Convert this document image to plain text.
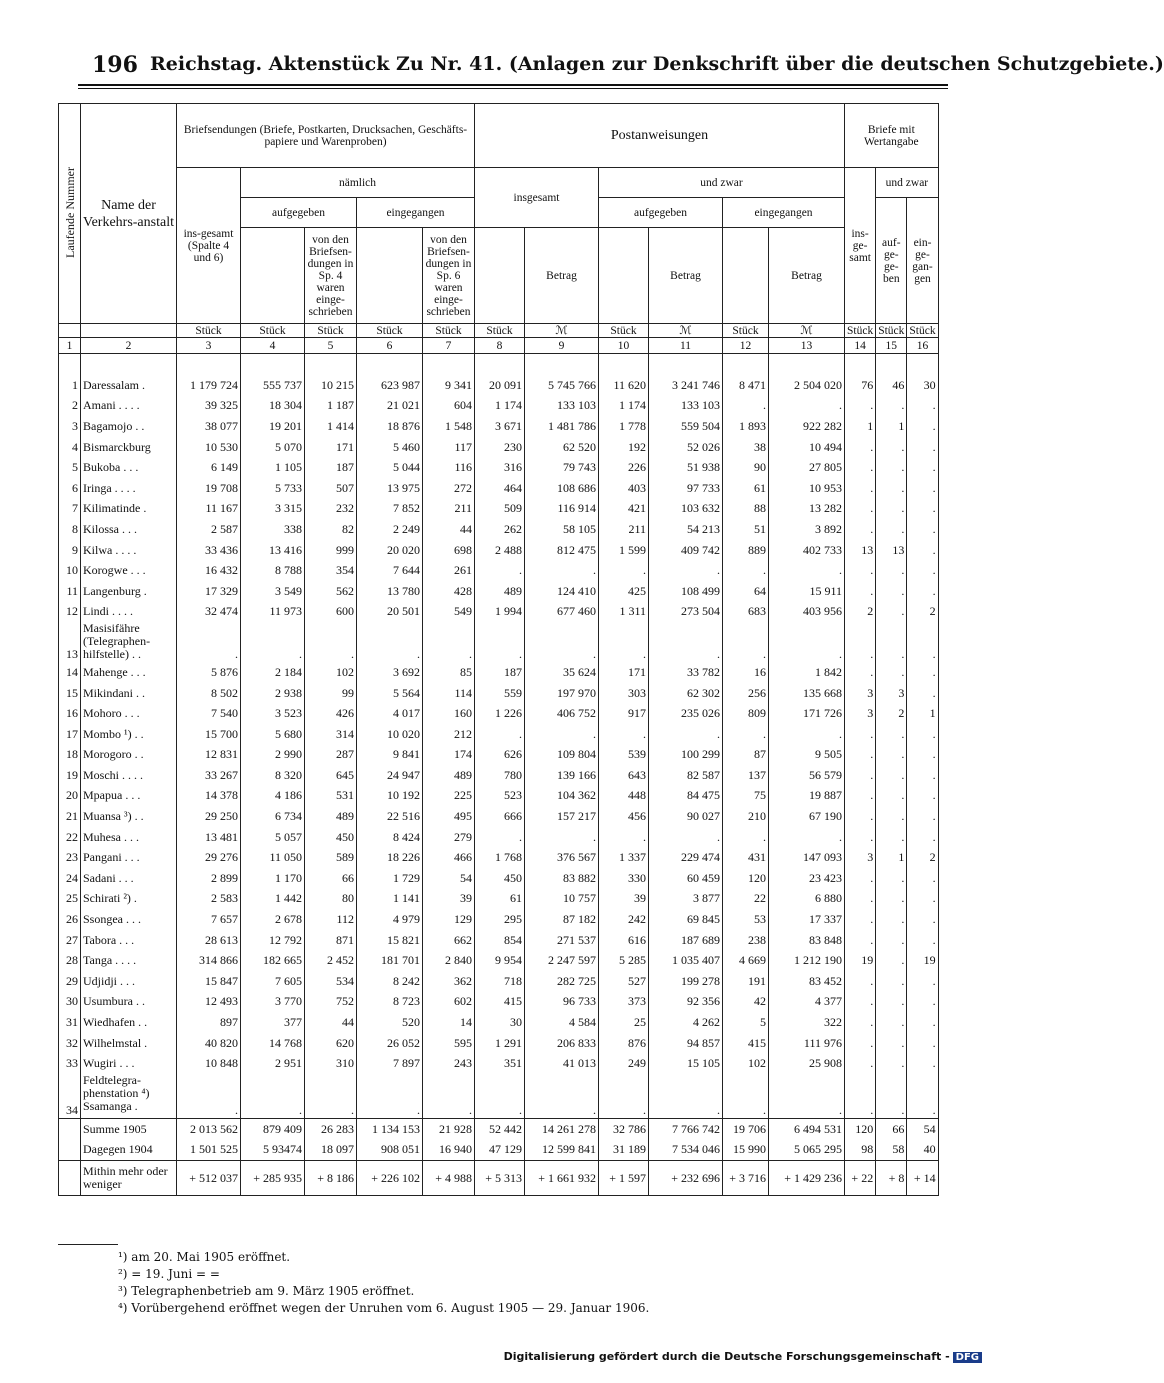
196 Reichstag. Aktenstück Zu Nr. 41. (Anlagen zur Denkschrift über die deutschen Schutzgebiete.)
Laufende Nummer	Name der Verkehrs-anstalt	Briefsendungen (Briefe, Postkarten, Drucksachen, Geschäfts-papiere und Warenproben)					Postanweisungen						Briefe mit Wertangabe		
		ins-gesamt (Spalte 4 und 6)	nämlich				insgesamt		und zwar				ins-ge-samt	und zwar	
			aufgegeben		eingegangen				aufgegeben		eingegangen			auf-ge-ge-ben	ein-ge-gan-gen
				von den Briefsen-dungen in Sp. 4 waren einge-schrieben		von den Briefsen-dungen in Sp. 6 waren einge-schrieben		Betrag		Betrag		Betrag			
		Stück	Stück	Stück	Stück	Stück	Stück	ℳ	Stück	ℳ	Stück	ℳ	Stück	Stück	Stück
1	2	3	4	5	6	7	8	9	10	11	12	13	14	15	16

1	Daressalam .	1 179 724	555 737	10 215	623 987	9 341	20 091	5 745 766	11 620	3 241 746	8 471	2 504 020	76	46	30
2	Amani . . . .	39 325	18 304	1 187	21 021	604	1 174	133 103	1 174	133 103	.	.	.	.	.
3	Bagamojo . .	38 077	19 201	1 414	18 876	1 548	3 671	1 481 786	1 778	559 504	1 893	922 282	1	1	.
4	Bismarckburg	10 530	5 070	171	5 460	117	230	62 520	192	52 026	38	10 494	.	.	.
5	Bukoba . . .	6 149	1 105	187	5 044	116	316	79 743	226	51 938	90	27 805	.	.	.
6	Iringa . . . .	19 708	5 733	507	13 975	272	464	108 686	403	97 733	61	10 953	.	.	.
7	Kilimatinde .	11 167	3 315	232	7 852	211	509	116 914	421	103 632	88	13 282	.	.	.
8	Kilossa . . .	2 587	338	82	2 249	44	262	58 105	211	54 213	51	3 892	.	.	.
9	Kilwa . . . .	33 436	13 416	999	20 020	698	2 488	812 475	1 599	409 742	889	402 733	13	13	.
10	Korogwe . . .	16 432	8 788	354	7 644	261	.	.	.	.	.	.	.	.	.
11	Langenburg .	17 329	3 549	562	13 780	428	489	124 410	425	108 499	64	15 911	.	.	.
12	Lindi . . . .	32 474	11 973	600	20 501	549	1 994	677 460	1 311	273 504	683	403 956	2	.	2
13	Masisifähre (Telegraphen-hilfstelle) . .	.	.	.	.	.	.	.	.	.	.	.	.	.	.
14	Mahenge . . .	5 876	2 184	102	3 692	85	187	35 624	171	33 782	16	1 842	.	.	.
15	Mikindani . .	8 502	2 938	99	5 564	114	559	197 970	303	62 302	256	135 668	3	3	.
16	Mohoro . . .	7 540	3 523	426	4 017	160	1 226	406 752	917	235 026	809	171 726	3	2	1
17	Mombo ¹) . .	15 700	5 680	314	10 020	212	.	.	.	.	.	.	.	.	.
18	Morogoro . .	12 831	2 990	287	9 841	174	626	109 804	539	100 299	87	9 505	.	.	.
19	Moschi . . . .	33 267	8 320	645	24 947	489	780	139 166	643	82 587	137	56 579	.	.	.
20	Mpapua . . .	14 378	4 186	531	10 192	225	523	104 362	448	84 475	75	19 887	.	.	.
21	Muansa ³) . .	29 250	6 734	489	22 516	495	666	157 217	456	90 027	210	67 190	.	.	.
22	Muhesa . . .	13 481	5 057	450	8 424	279	.	.	.	.	.	.	.	.	.
23	Pangani . . .	29 276	11 050	589	18 226	466	1 768	376 567	1 337	229 474	431	147 093	3	1	2
24	Sadani . . .	2 899	1 170	66	1 729	54	450	83 882	330	60 459	120	23 423	.	.	.
25	Schirati ²) .	2 583	1 442	80	1 141	39	61	10 757	39	3 877	22	6 880	.	.	.
26	Ssongea . . .	7 657	2 678	112	4 979	129	295	87 182	242	69 845	53	17 337	.	.	.
27	Tabora . . .	28 613	12 792	871	15 821	662	854	271 537	616	187 689	238	83 848	.	.	.
28	Tanga . . . .	314 866	182 665	2 452	181 701	2 840	9 954	2 247 597	5 285	1 035 407	4 669	1 212 190	19	.	19
29	Udjidji . . .	15 847	7 605	534	8 242	362	718	282 725	527	199 278	191	83 452	.	.	.
30	Usumbura . .	12 493	3 770	752	8 723	602	415	96 733	373	92 356	42	4 377	.	.	.
31	Wiedhafen . .	897	377	44	520	14	30	4 584	25	4 262	5	322	.	.	.
32	Wilhelmstal .	40 820	14 768	620	26 052	595	1 291	206 833	876	94 857	415	111 976	.	.	.
33	Wugiri . . .	10 848	2 951	310	7 897	243	351	41 013	249	15 105	102	25 908	.	.	.
34	Feldtelegra-phenstation ⁴) Ssamanga .	.	.	.	.	.	.	.	.	.	.	.	.	.	.
	Summe 1905	2 013 562	879 409	26 283	1 134 153	21 928	52 442	14 261 278	32 786	7 766 742	19 706	6 494 531	120	66	54
	Dagegen 1904	1 501 525	5 93474	18 097	908 051	16 940	47 129	12 599 841	31 189	7 534 046	15 990	5 065 295	98	58	40
	Mithin mehr oder weniger	+ 512 037	+ 285 935	+ 8 186	+ 226 102	+ 4 988	+ 5 313	+ 1 661 932	+ 1 597	+ 232 696	+ 3 716	+ 1 429 236	+ 22	+ 8	+ 14
¹) am 20. Mai 1905 eröffnet.
²) = 19. Juni = =
³) Telegraphenbetrieb am 9. März 1905 eröffnet.
⁴) Vorübergehend eröffnet wegen der Unruhen vom 6. August 1905 — 29. Januar 1906.
Digitalisierung gefördert durch die Deutsche Forschungsgemeinschaft - DFG
